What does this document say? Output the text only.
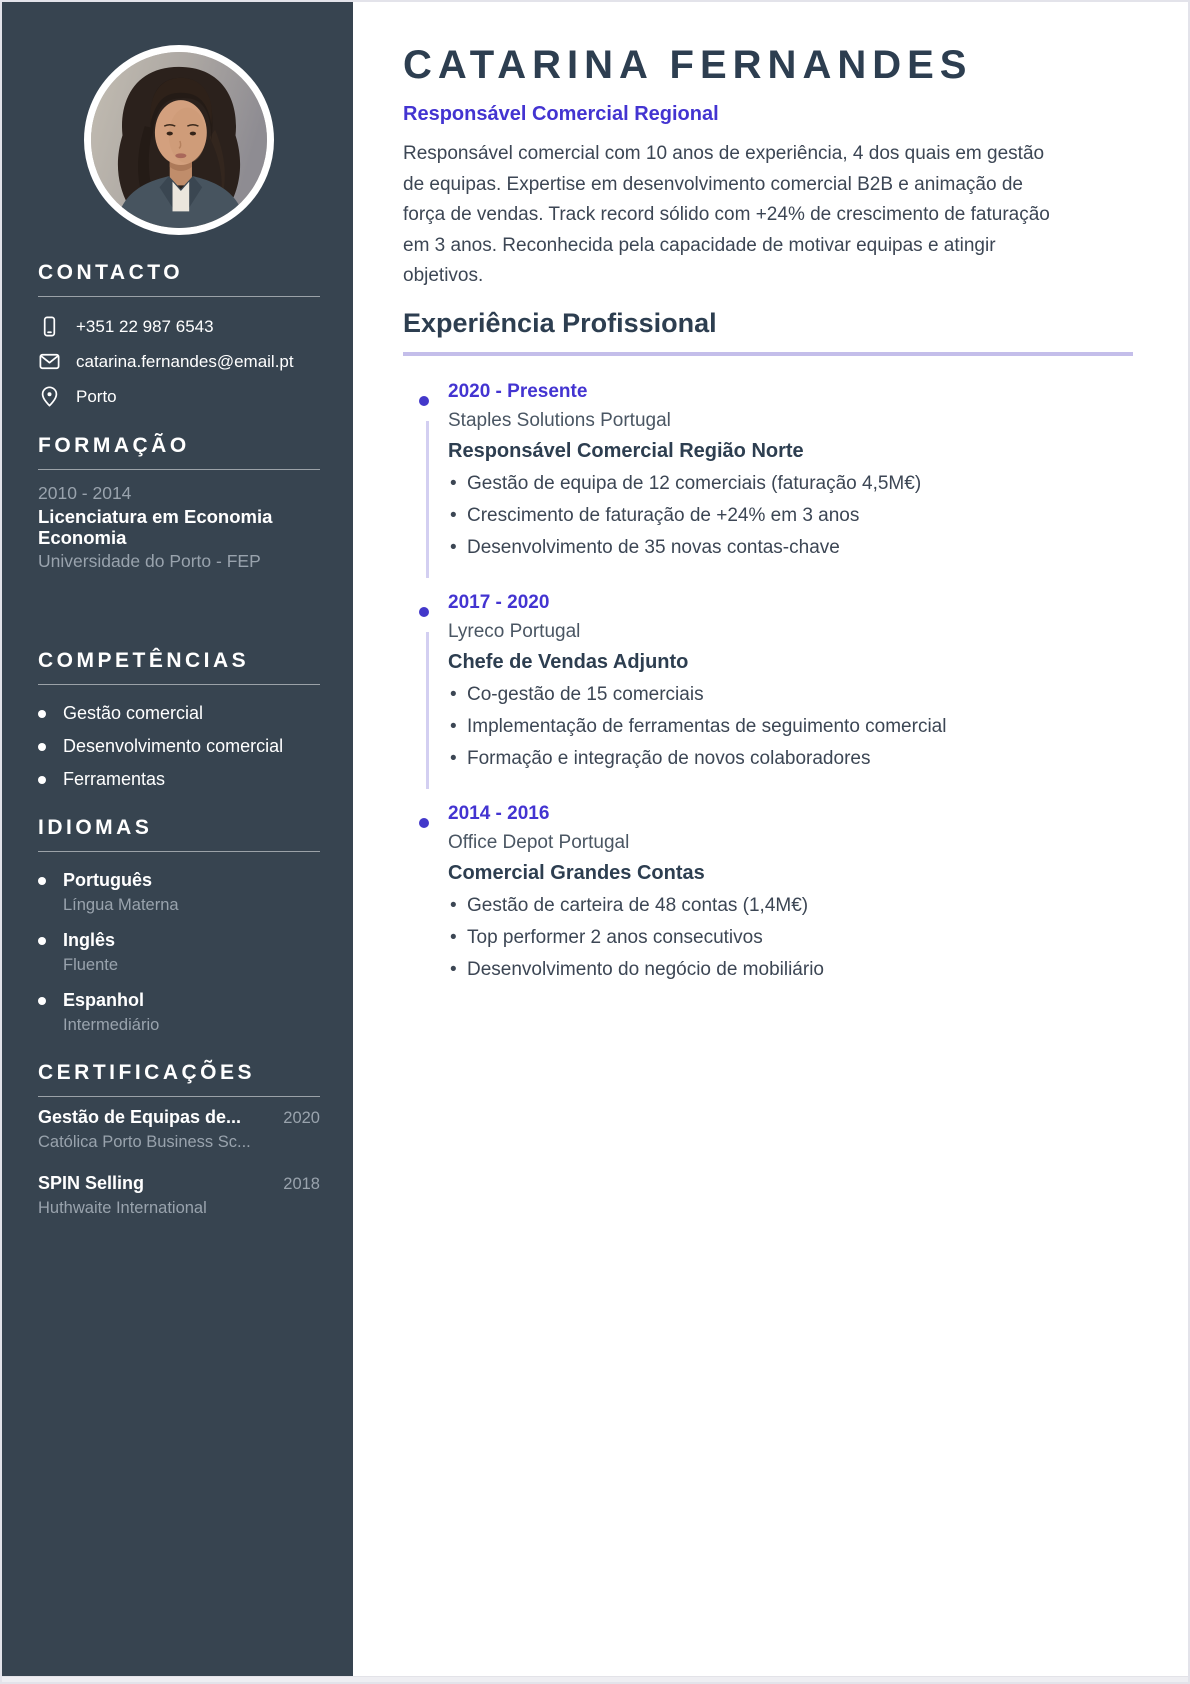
CONTACTO
+351 22 987 6543
catarina.fernandes@email.pt
Porto
FORMAÇÃO
2010 - 2014
Licenciatura em Economia
Economia
Universidade do Porto - FEP
COMPETÊNCIAS
Gestão comercial
Desenvolvimento comercial
Ferramentas
IDIOMAS
Português
Língua Materna
Inglês
Fluente
Espanhol
Intermediário
CERTIFICAÇÕES
Gestão de Equipas de...	2020
Católica Porto Business Sc...
SPIN Selling	2018
Huthwaite International
CATARINA FERNANDES
Responsável Comercial Regional

Responsável comercial com 10 anos de experiência, 4 dos quais em gestão de equipas. Expertise em desenvolvimento comercial B2B e animação de força de vendas. Track record sólido com +24% de crescimento de faturação em 3 anos. Reconhecida pela capacidade de motivar equipas e atingir objetivos.

Experiência Profissional
2020 - Presente
Staples Solutions Portugal
Responsável Comercial Região Norte
• Gestão de equipa de 12 comerciais (faturação 4,5M€)
• Crescimento de faturação de +24% em 3 anos
• Desenvolvimento de 35 novas contas-chave
2017 - 2020
Lyreco Portugal
Chefe de Vendas Adjunto
• Co-gestão de 15 comerciais
• Implementação de ferramentas de seguimento comercial
• Formação e integração de novos colaboradores
2014 - 2016
Office Depot Portugal
Comercial Grandes Contas
• Gestão de carteira de 48 contas (1,4M€)
• Top performer 2 anos consecutivos
• Desenvolvimento do negócio de mobiliário
